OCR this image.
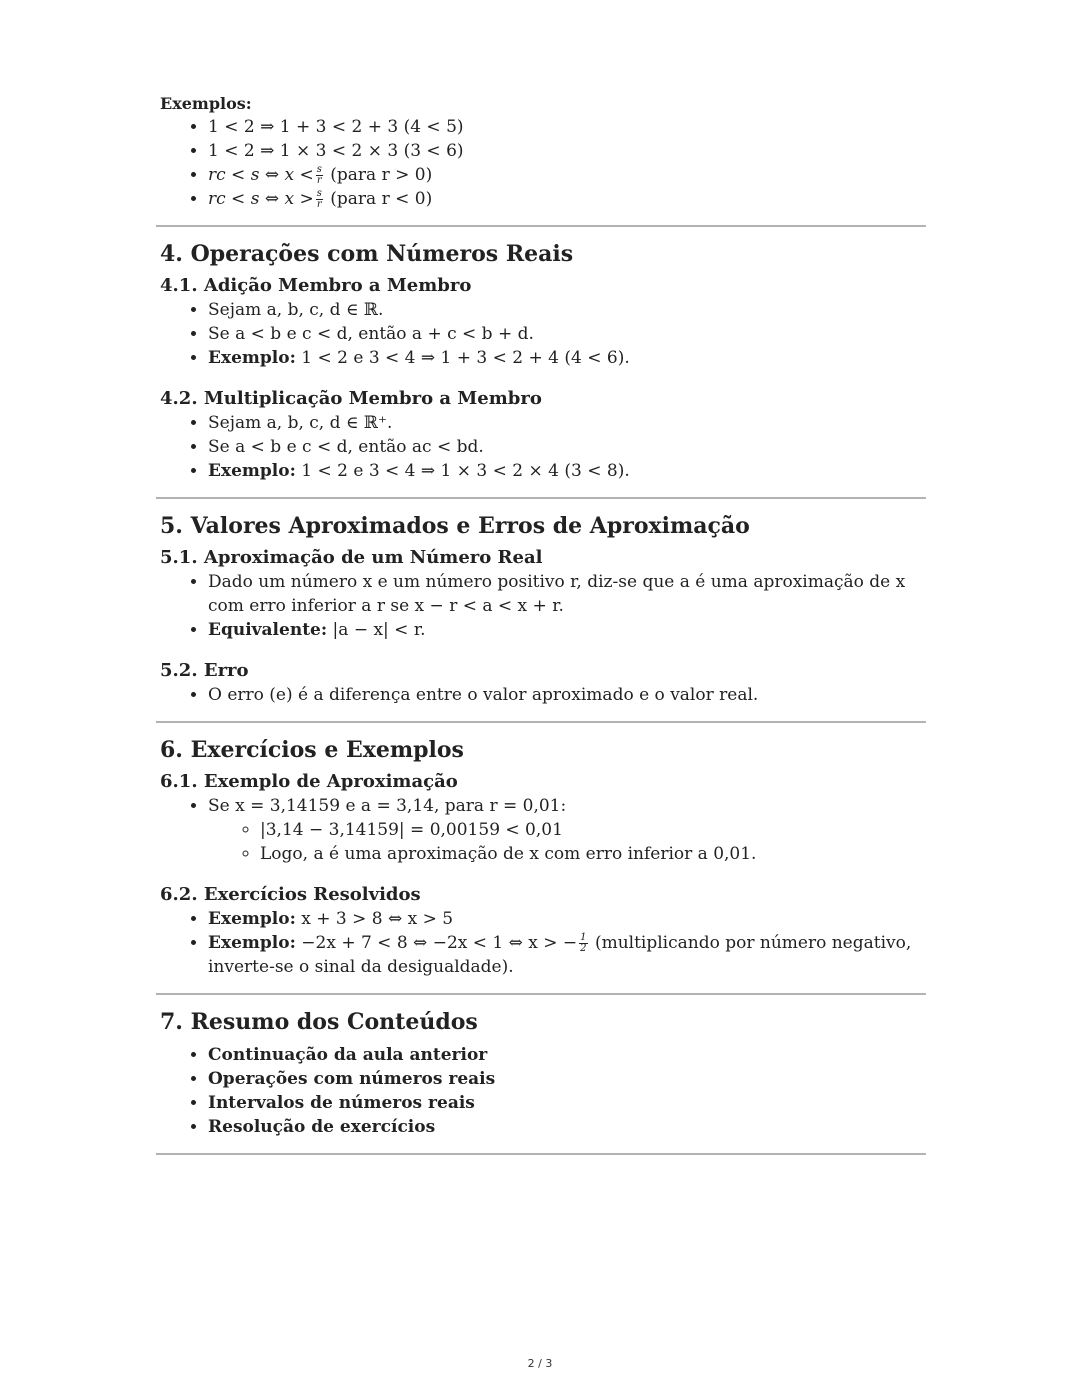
Exemplos:
• 1 < 2 ⇒ 1 + 3 < 2 + 3 (4 < 5)
• 1 < 2 ⇒ 1 × 3 < 2 × 3 (3 < 6)
• rc < s ⇔ $x < \frac{s}{r}$ (para r > 0)
• rc < s ⇔ $x > \frac{s}{r}$ (para r < 0)
4. Operações com Números Reais
4.1. Adição Membro a Membro
• Sejam a, b, c, d ∈ ℝ.
• Se a < b e c < d, então a + c < b + d.
• Exemplo: 1 < 2 e 3 < 4 ⇒ 1 + 3 < 2 + 4 (4 < 6).
4.2. Multiplicação Membro a Membro
• Sejam a, b, c, d ∈ ℝ⁺.
• Se a < b e c < d, então ac < bd.
• Exemplo: 1 < 2 e 3 < 4 ⇒ 1 × 3 < 2 × 4 (3 < 8).
5. Valores Aproximados e Erros de Aproximação
5.1. Aproximação de um Número Real
• Dado um número x e um número positivo r, diz-se que a é uma aproximação de x com erro inferior a r se x − r < a < x + r.
• Equivalente: |a − x| < r.
5.2. Erro
• O erro (e) é a diferença entre o valor aproximado e o valor real.
6. Exercícios e Exemplos
6.1. Exemplo de Aproximação
• Se x = 3,14159 e a = 3,14, para r = 0,01:
◦ |3,14 − 3,14159| = 0,00159 < 0,01
◦ Logo, a é uma aproximação de x com erro inferior a 0,01.
6.2. Exercícios Resolvidos
• Exemplo: x + 3 > 8 ⇔ x > 5
• Exemplo: −2x + 7 < 8 ⇔ −2x < 1 ⇔ x > − $\frac{1}{2}$ (multiplicando por número negativo, inverte-se o sinal da desigualdade).
7. Resumo dos Conteúdos
• Continuação da aula anterior
• Operações com números reais
• Intervalos de números reais
• Resolução de exercícios
2 / 3
